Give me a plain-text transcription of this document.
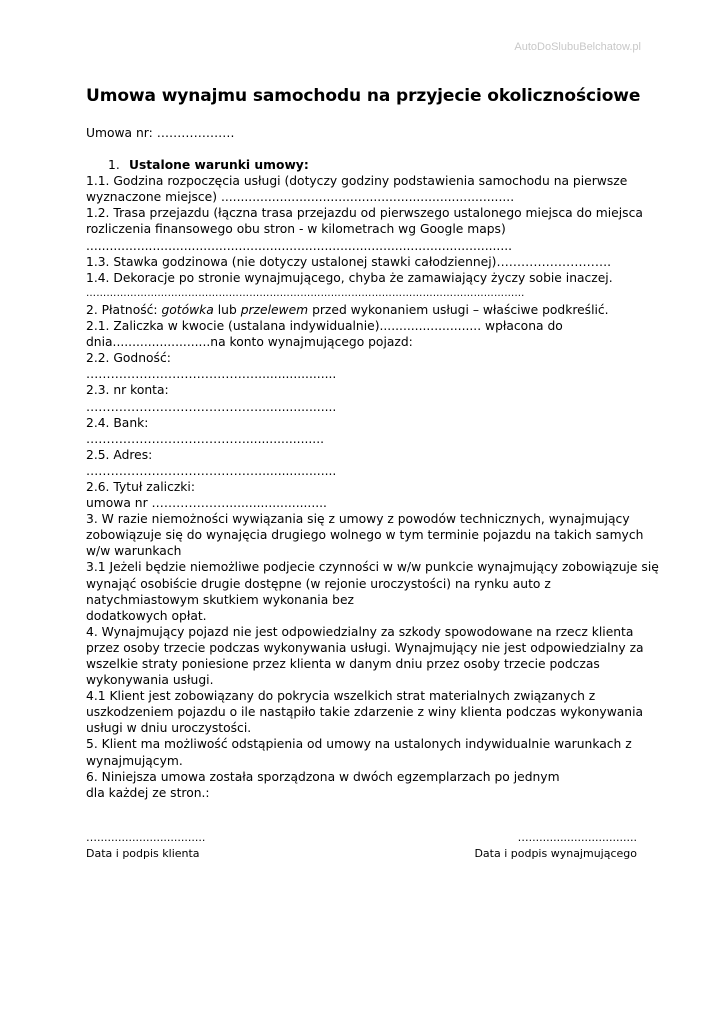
AutoDoSlubuBelchatow.pl
Umowa wynajmu samochodu na przyjecie okolicznościowe
Umowa nr: ……………….
1. Ustalone warunki umowy:
1.1. Godzina rozpoczęcia usługi (dotyczy godziny podstawienia samochodu na pierwsze
wyznaczone miejsce) ...........................................................................
1.2. Trasa przejazdu (łączna trasa przejazdu od pierwszego ustalonego miejsca do miejsca
rozliczenia finansowego obu stron - w kilometrach wg Google maps)
.............................................................................................................
1.3. Stawka godzinowa (nie dotyczy ustalonej stawki całodziennej)……………………….
1.4. Dekoracje po stronie wynajmującego, chyba że zamawiający życzy sobie inaczej.
…………………………………………………………………………………………………………………
2. Płatność: gotówka lub przelewem przed wykonaniem usługi – właściwe podkreślić.
2.1. Zaliczka w kwocie (ustalana indywidualnie).......................... wpłacona do
dnia.........................na konto wynajmującego pojazd:
2.2. Godność:
……………………………………....................
2.3. nr konta:
……………………………………....................
2.4. Bank:
…………………………………....................
2.5. Adres:
……………………………………....................
2.6. Tytuł zaliczki:
umowa nr ………………..........................
3. W razie niemożności wywiązania się z umowy z powodów technicznych, wynajmujący
zobowiązuje się do wynajęcia drugiego wolnego w tym terminie pojazdu na takich samych
w/w warunkach
3.1 Jeżeli będzie niemożliwe podjecie czynności w w/w punkcie wynajmujący zobowiązuje się
wynająć osobiście drugie dostępne (w rejonie uroczystości) na rynku auto z
natychmiastowym skutkiem wykonania bez
dodatkowych opłat.
4. Wynajmujący pojazd nie jest odpowiedzialny za szkody spowodowane na rzecz klienta
przez osoby trzecie podczas wykonywania usługi. Wynajmujący nie jest odpowiedzialny za
wszelkie straty poniesione przez klienta w danym dniu przez osoby trzecie podczas
wykonywania usługi.
4.1 Klient jest zobowiązany do pokrycia wszelkich strat materialnych związanych z
uszkodzeniem pojazdu o ile nastąpiło takie zdarzenie z winy klienta podczas wykonywania
usługi w dniu uroczystości.
5. Klient ma możliwość odstąpienia od umowy na ustalonych indywidualnie warunkach z
wynajmującym.
6. Niniejsza umowa została sporządzona w dwóch egzemplarzach po jednym
dla każdej ze stron.:
…...............................
Data i podpis klienta
…...............................
Data i podpis wynajmującego
